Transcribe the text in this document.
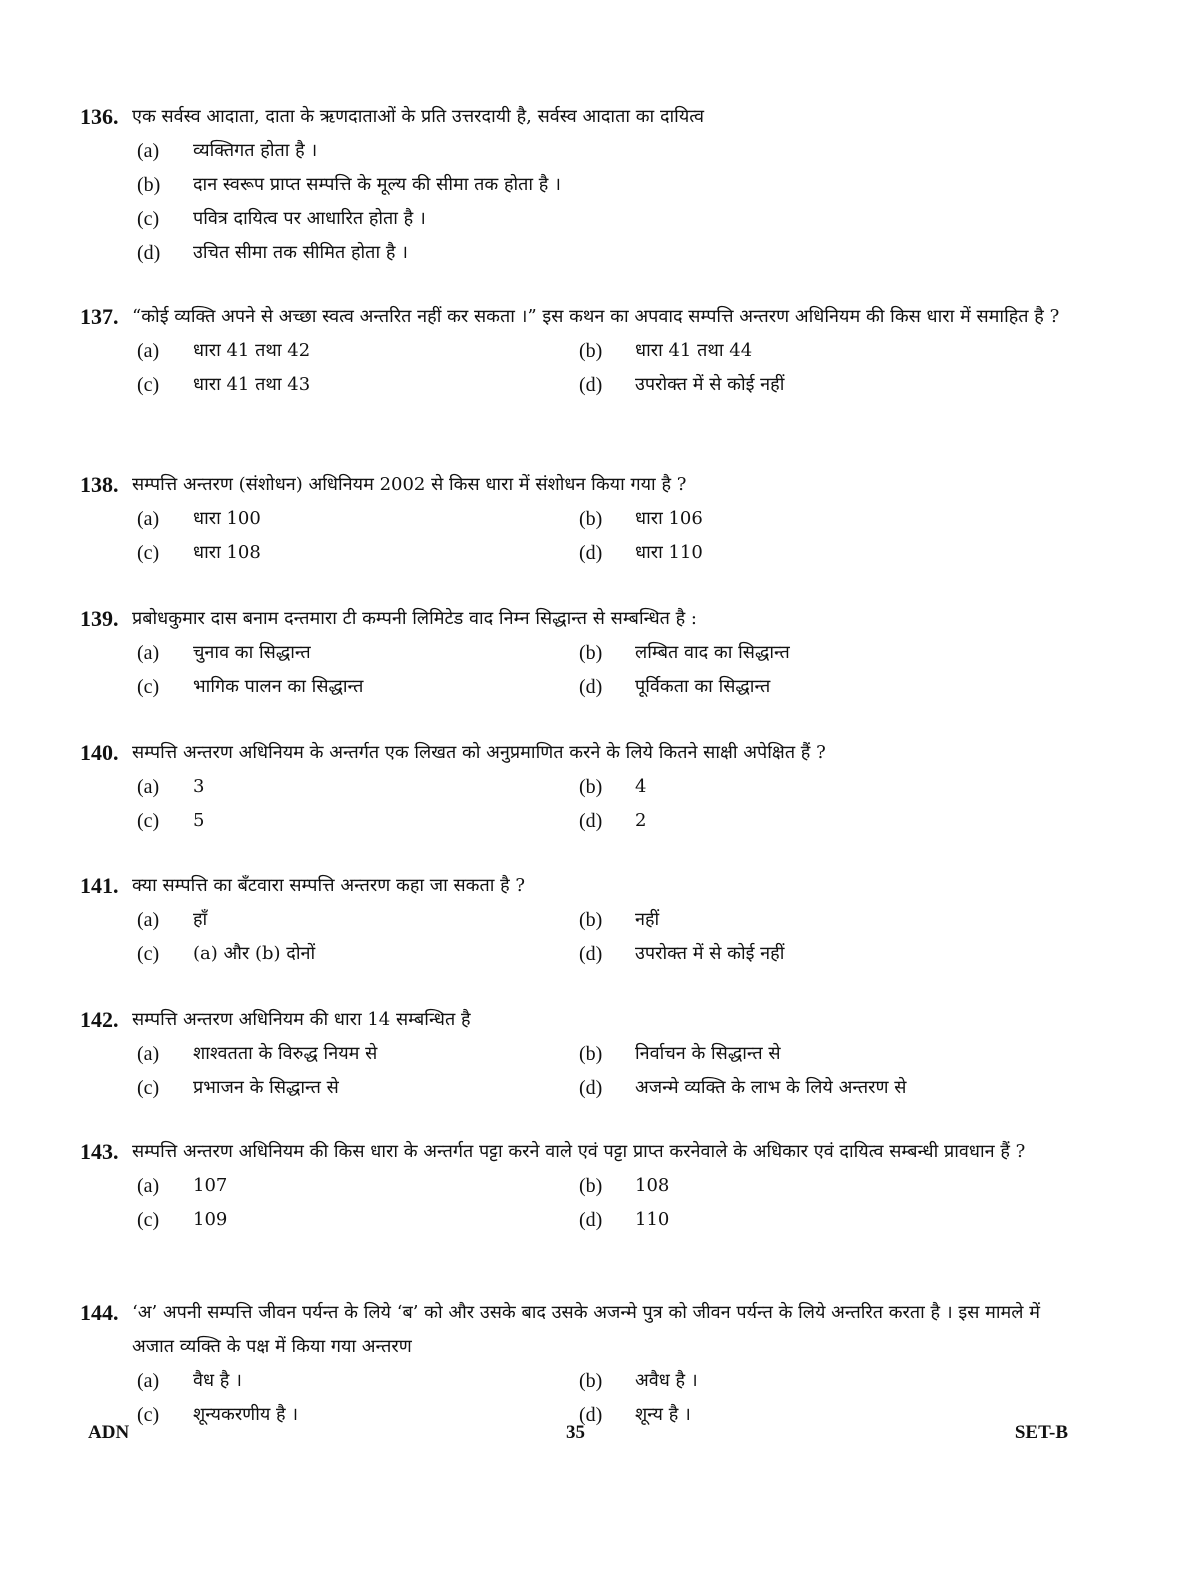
136. एक सर्वस्व आदाता, दाता के ऋणदाताओं के प्रति उत्तरदायी है, सर्वस्व आदाता का दायित्व
(a)	व्यक्तिगत होता है ।
(b)	दान स्वरूप प्राप्त सम्पत्ति के मूल्य की सीमा तक होता है ।
(c)	पवित्र दायित्व पर आधारित होता है ।
(d)	उचित सीमा तक सीमित होता है ।
137. “कोई व्यक्ति अपने से अच्छा स्वत्व अन्तरित नहीं कर सकता ।” इस कथन का अपवाद सम्पत्ति अन्तरण अधिनियम की किस धारा में समाहित है ?
(a)	धारा 41 तथा 42	(b)	धारा 41 तथा 44
(c)	धारा 41 तथा 43	(d)	उपरोक्त में से कोई नहीं
138. सम्पत्ति अन्तरण (संशोधन) अधिनियम 2002 से किस धारा में संशोधन किया गया है ?
(a)	धारा 100	(b)	धारा 106
(c)	धारा 108	(d)	धारा 110
139. प्रबोधकुमार दास बनाम दन्तमारा टी कम्पनी लिमिटेड वाद निम्न सिद्धान्त से सम्बन्धित है :
(a)	चुनाव का सिद्धान्त	(b)	लम्बित वाद का सिद्धान्त
(c)	भागिक पालन का सिद्धान्त	(d)	पूर्विकता का सिद्धान्त
140. सम्पत्ति अन्तरण अधिनियम के अन्तर्गत एक लिखत को अनुप्रमाणित करने के लिये कितने साक्षी अपेक्षित हैं ?
(a)	3	(b)	4
(c)	5	(d)	2
141. क्या सम्पत्ति का बँटवारा सम्पत्ति अन्तरण कहा जा सकता है ?
(a)	हाँ	(b)	नहीं
(c)	(a) और (b) दोनों	(d)	उपरोक्त में से कोई नहीं
142. सम्पत्ति अन्तरण अधिनियम की धारा 14 सम्बन्धित है
(a)	शाश्वतता के विरुद्ध नियम से	(b)	निर्वाचन के सिद्धान्त से
(c)	प्रभाजन के सिद्धान्त से	(d)	अजन्मे व्यक्ति के लाभ के लिये अन्तरण से
143. सम्पत्ति अन्तरण अधिनियम की किस धारा के अन्तर्गत पट्टा करने वाले एवं पट्टा प्राप्त करनेवाले के अधिकार एवं दायित्व सम्बन्धी प्रावधान हैं ?
(a)	107	(b)	108
(c)	109	(d)	110
144. ‘अ’ अपनी सम्पत्ति जीवन पर्यन्त के लिये ‘ब’ को और उसके बाद उसके अजन्मे पुत्र को जीवन पर्यन्त के लिये अन्तरित करता है । इस मामले में अजात व्यक्ति के पक्ष में किया गया अन्तरण
(a)	वैध है ।	(b)	अवैध है ।
(c)	शून्यकरणीय है ।	(d)	शून्य है ।
ADN	35	SET-B
